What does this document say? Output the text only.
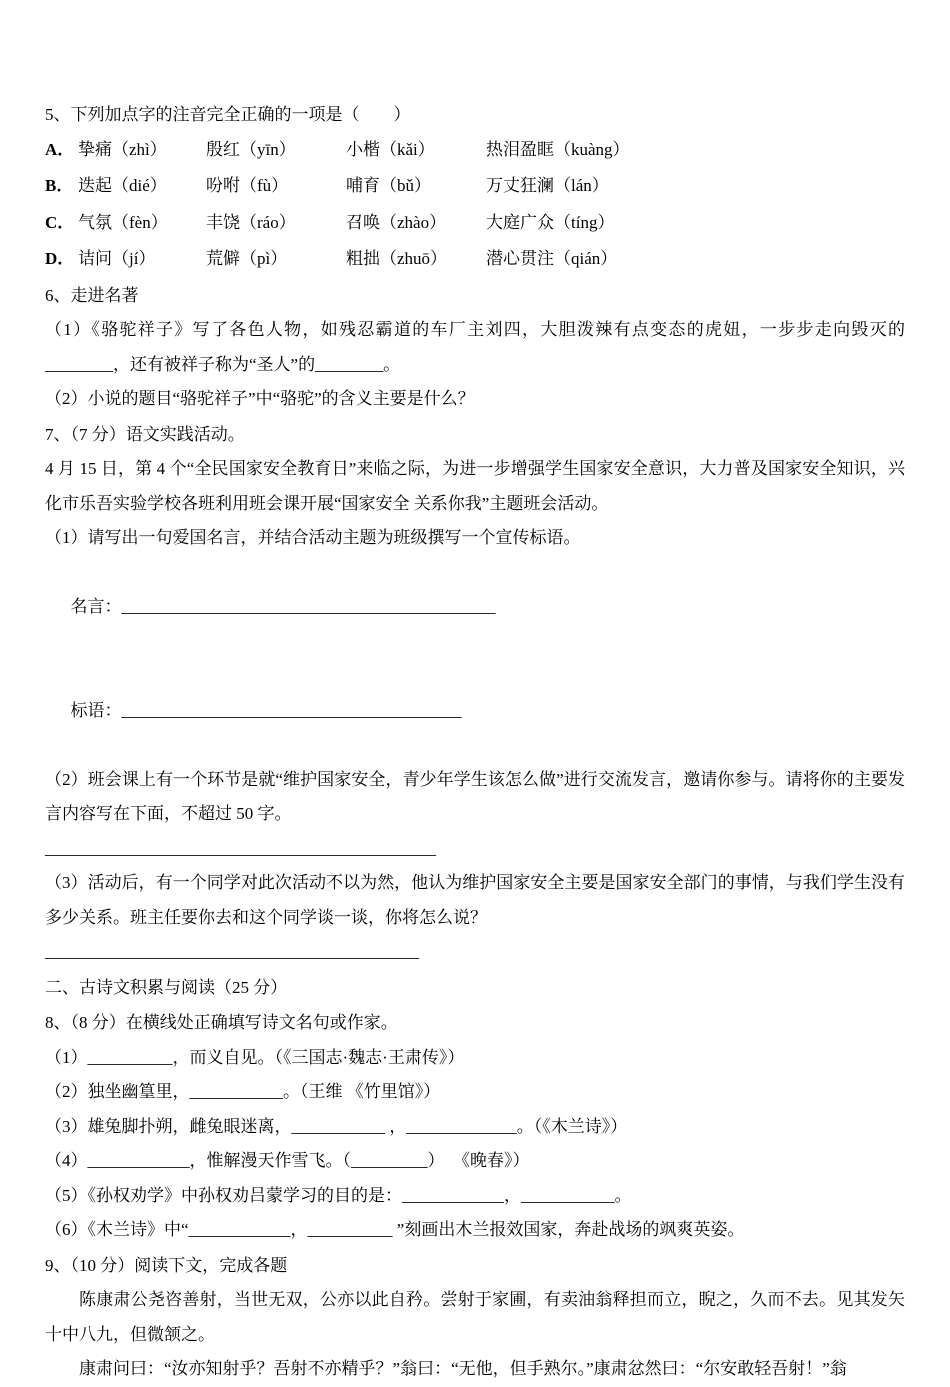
5、下列加点字的注音完全正确的一项是（        ）
A． 挚痛（zhì）	殷红（yīn）	小楷（kǎi）	热泪盈眶（kuàng）
B． 迭起（dié）	吩咐（fù）	哺育（bǔ）	万丈狂澜（lán）
C． 气氛（fèn）	丰饶（ráo）	召唤（zhào）	大庭广众（tíng）
D． 诘问（jí）	荒僻（pì）	粗拙（zhuō）	潜心贯注（qián）
6、走进名著
（1）《骆驼祥子》写了各色人物，如残忍霸道的车厂主刘四，大胆泼辣有点变态的虎妞，一步步走向毁灭的________，还有被祥子称为“圣人”的________。
（2）小说的题目“骆驼祥子”中“骆驼”的含义主要是什么？
7、（7 分）语文实践活动。
4 月 15 日，第 4 个“全民国家安全教育日”来临之际，为进一步增强学生国家安全意识，大力普及国家安全知识，兴化市乐吾实验学校各班利用班会课开展“国家安全 关系你我”主题班会活动。
（1）请写出一句爱国名言，并结合活动主题为班级撰写一个宣传标语。

名言：____________________________________________

标语：________________________________________

（2）班会课上有一个环节是就“维护国家安全，青少年学生该怎么做”进行交流发言，邀请你参与。请将你的主要发言内容写在下面，不超过 50 字。
______________________________________________
（3）活动后，有一个同学对此次活动不以为然，他认为维护国家安全主要是国家安全部门的事情，与我们学生没有多少关系。班主任要你去和这个同学谈一谈，你将怎么说？
____________________________________________
二、古诗文积累与阅读（25 分）
8、（8 分）在横线处正确填写诗文名句或作家。
（1）__________，而义自见。（《三国志·魏志·王肃传》）
（2）独坐幽篁里，___________。（王维 《竹里馆》）
（3）雄兔脚扑朔，雌兔眼迷离，___________ ，_____________。（《木兰诗》）
（4）____________，惟解漫天作雪飞。（_________）  《晚春》）
（5）《孙权劝学》中孙权劝吕蒙学习的目的是：____________，___________。
（6）《木兰诗》中“____________，__________ ”刻画出木兰报效国家，奔赴战场的飒爽英姿。
9、（10 分）阅读下文，完成各题
陈康肃公尧咨善射，当世无双，公亦以此自矜。尝射于家圃，有卖油翁释担而立，睨之，久而不去。见其发矢十中八九，但微颔之。
康肃问曰：“汝亦知射乎？吾射不亦精乎？”翁曰：“无他，但手熟尔。”康肃忿然曰：“尔安敢轻吾射！”翁
